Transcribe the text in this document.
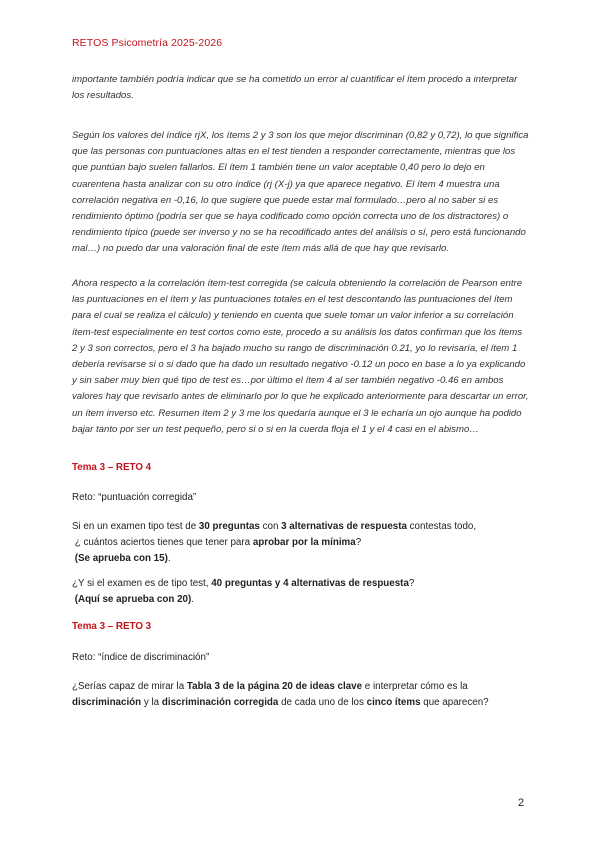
RETOS Psicometría 2025-2026
importante también podría indicar que se ha cometido un error al cuantificar el ítem procedo a interpretar los resultados.
Según los valores del índice rjX, los ítems 2 y 3 son los que mejor discriminan (0,82 y 0,72), lo que significa que las personas con puntuaciones altas en el test tienden a responder correctamente, mientras que los que puntúan bajo suelen fallarlos. El ítem 1 también tiene un valor aceptable 0,40 pero lo dejo en cuarentena hasta analizar con su otro índice (rj (X-j) ya que aparece negativo. El ítem 4 muestra una correlación negativa en -0,16, lo que sugiere que puede estar mal formulado…pero al no saber si es rendimiento óptimo (podría ser que se haya codificado como opción correcta uno de los distractores) o rendimiento típico (puede ser inverso y no se ha recodificado antes del análisis o sí, pero está funcionando mal…) no puedo dar una valoración final de este ítem más allá de que hay que revisarlo.
Ahora respecto a la correlación ítem-test corregida (se calcula obteniendo la correlación de Pearson entre las puntuaciones en el ítem y las puntuaciones totales en el test descontando las puntuaciones del ítem para el cual se realiza el cálculo) y teniendo en cuenta que suele tomar un valor inferior a su correlación ítem-test especialmente en test cortos como este, procedo a su análisis los datos confirman que los ítems 2 y 3 son correctos, pero el 3 ha bajado mucho su rango de discriminación 0.21, yo lo revisaría, el ítem 1 debería revisarse si o si dado que ha dado un resultado negativo -0.12 un poco en base a lo ya explicando y sin saber muy bien qué tipo de test es…por último el ítem 4 al ser también negativo -0.46 en ambos valores hay que revisarlo antes de eliminarlo por lo que he explicado anteriormente para descartar un error, un ítem inverso etc. Resumen ítem 2 y 3 me los quedaría aunque el 3 le echaría un ojo aunque ha podido bajar tanto por ser un test pequeño, pero si o si en la cuerda floja el 1 y el 4 casi en el abismo…
Tema 3 – RETO 4
Reto: “puntuación corregida”
Si en un examen tipo test de 30 preguntas con 3 alternativas de respuesta contestas todo,
¿ cuántos aciertos tienes que tener para aprobar por la mínima?
(Se aprueba con 15).
¿Y si el examen es de tipo test, 40 preguntas y 4 alternativas de respuesta?
(Aquí se aprueba con 20).
Tema 3 – RETO 3
Reto: “índice de discriminación”
¿Serías capaz de mirar la Tabla 3 de la página 20 de ideas clave e interpretar cómo es la
discriminación y la discriminación corregida de cada uno de los cinco ítems que aparecen?
2
